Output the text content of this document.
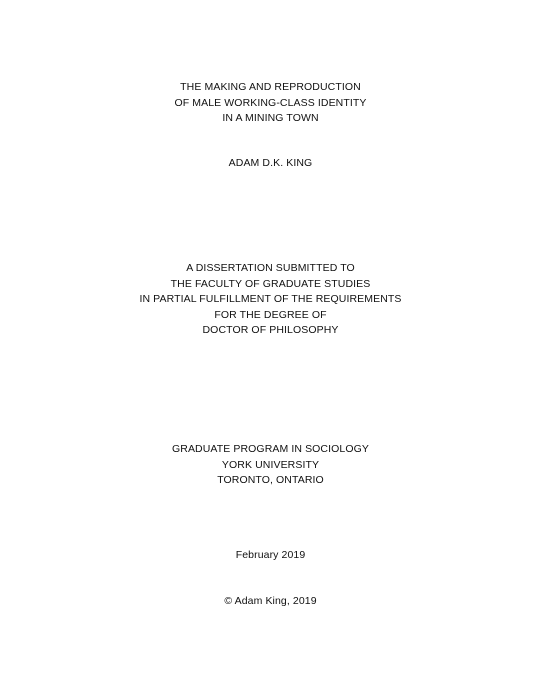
THE MAKING AND REPRODUCTION
OF MALE WORKING-CLASS IDENTITY
IN A MINING TOWN
ADAM D.K. KING
A DISSERTATION SUBMITTED TO
THE FACULTY OF GRADUATE STUDIES
IN PARTIAL FULFILLMENT OF THE REQUIREMENTS
FOR THE DEGREE OF
DOCTOR OF PHILOSOPHY
GRADUATE PROGRAM IN SOCIOLOGY
YORK UNIVERSITY
TORONTO, ONTARIO
February 2019
© Adam King, 2019
